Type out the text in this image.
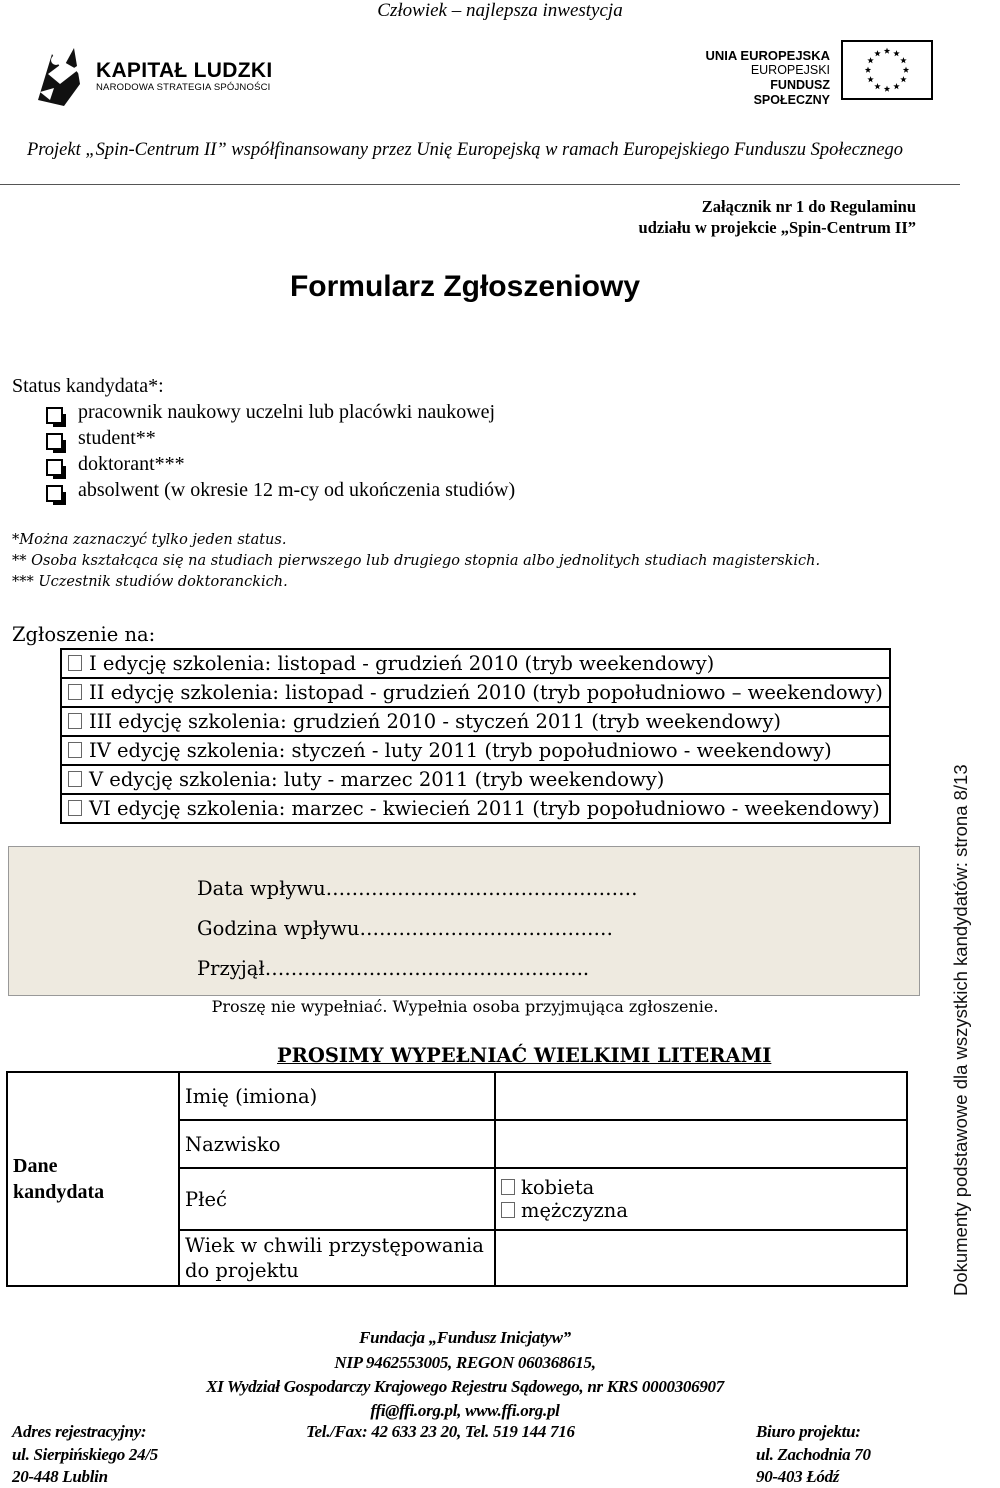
Człowiek – najlepsza inwestycja
KAPITAŁ LUDZKI
NARODOWA STRATEGIA SPÓJNOŚCI
UNIA EUROPEJSKA
EUROPEJSKI
FUNDUSZ SPOŁECZNY
Projekt „Spin-Centrum II” współfinansowany przez Unię Europejską w ramach Europejskiego Funduszu Społecznego
Załącznik nr 1 do Regulaminu
udziału w projekcie „Spin-Centrum II”
Formularz Zgłoszeniowy
Status kandydata*:
pracownik naukowy uczelni lub placówki naukowej
student**
doktorant***
absolwent (w okresie 12 m-cy od ukończenia studiów)
*Można zaznaczyć tylko jeden status.
** Osoba kształcąca się na studiach pierwszego lub drugiego stopnia albo jednolitych studiach magisterskich.
*** Uczestnik studiów doktoranckich.
Zgłoszenie na:
I edycję szkolenia: listopad - grudzień 2010 (tryb weekendowy)
II edycję szkolenia: listopad - grudzień 2010 (tryb popołudniowo – weekendowy)
III edycję szkolenia: grudzień 2010 - styczeń 2011 (tryb weekendowy)
IV edycję szkolenia: styczeń - luty 2011 (tryb popołudniowo - weekendowy)
V edycję szkolenia: luty - marzec 2011 (tryb weekendowy)
VI edycję szkolenia: marzec - kwiecień 2011 (tryb popołudniowo - weekendowy)
Data wpływu…………………………………………
Godzina wpływu…………………………………
Przyjął…………………………………………..
Proszę nie wypełniać. Wypełnia osoba przyjmująca zgłoszenie.
PROSIMY WYPEŁNIAĆ WIELKIMI LITERAMI
Dane
kandydata	Imię (imiona)	
	Nazwisko	
	Płeć	kobieta
mężczyzna

	Wiek w chwili przystępowania do projektu		Dokumenty podstawowe dla wszystkich kandydatów: strona 8/13
Fundacja „Fundusz Inicjatyw”
NIP 9462553005, REGON 060368615,
XI Wydział Gospodarczy Krajowego Rejestru Sądowego, nr KRS 0000306907
ffi@ffi.org.pl, www.ffi.org.pl
Adres rejestracyjny:	Tel./Fax: 42 633 23 20, Tel. 519 144 716	Biuro projektu:
ul. Sierpińskiego 24/5	ul. Zachodnia 70
20-448 Lublin	90-403 Łódź
